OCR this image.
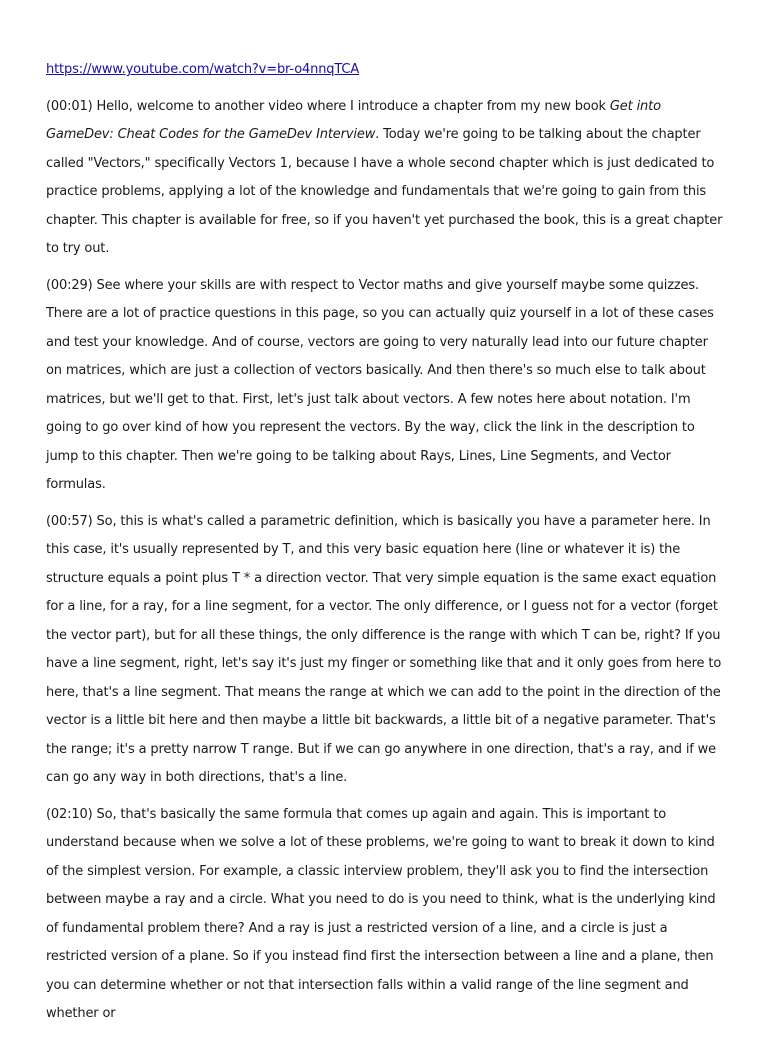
https://www.youtube.com/watch?v=br-o4nnqTCA

(00:01) Hello, welcome to another video where I introduce a chapter from my new book Get into GameDev: Cheat Codes for the GameDev Interview. Today we're going to be talking about the chapter called "Vectors," specifically Vectors 1, because I have a whole second chapter which is just dedicated to practice problems, applying a lot of the knowledge and fundamentals that we're going to gain from this chapter. This chapter is available for free, so if you haven't yet purchased the book, this is a great chapter to try out.

(00:29) See where your skills are with respect to Vector maths and give yourself maybe some quizzes. There are a lot of practice questions in this page, so you can actually quiz yourself in a lot of these cases and test your knowledge. And of course, vectors are going to very naturally lead into our future chapter on matrices, which are just a collection of vectors basically. And then there's so much else to talk about matrices, but we'll get to that. First, let's just talk about vectors. A few notes here about notation. I'm going to go over kind of how you represent the vectors. By the way, click the link in the description to jump to this chapter. Then we're going to be talking about Rays, Lines, Line Segments, and Vector formulas.

(00:57) So, this is what's called a parametric definition, which is basically you have a parameter here. In this case, it's usually represented by T, and this very basic equation here (line or whatever it is) the structure equals a point plus T * a direction vector. That very simple equation is the same exact equation for a line, for a ray, for a line segment, for a vector. The only difference, or I guess not for a vector (forget the vector part), but for all these things, the only difference is the range with which T can be, right? If you have a line segment, right, let's say it's just my finger or something like that and it only goes from here to here, that's a line segment. That means the range at which we can add to the point in the direction of the vector is a little bit here and then maybe a little bit backwards, a little bit of a negative parameter. That's the range; it's a pretty narrow T range. But if we can go anywhere in one direction, that's a ray, and if we can go any way in both directions, that's a line.

(02:10) So, that's basically the same formula that comes up again and again. This is important to understand because when we solve a lot of these problems, we're going to want to break it down to kind of the simplest version. For example, a classic interview problem, they'll ask you to find the intersection between maybe a ray and a circle. What you need to do is you need to think, what is the underlying kind of fundamental problem there? And a ray is just a restricted version of a line, and a circle is just a restricted version of a plane. So if you instead find first the intersection between a line and a plane, then you can determine whether or not that intersection falls within a valid range of the line segment and whether or
